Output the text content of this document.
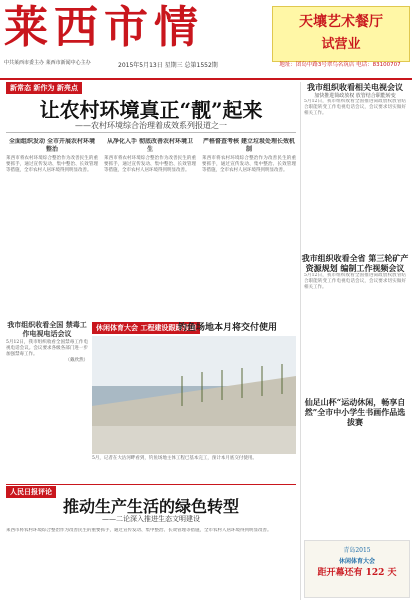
莱西市情	天壤艺术餐厅
试营业
中共莱西市委主办 莱西市新闻中心主办	2015年5月13日 星期三 总第1552期	地址：团岛中路3号翠鸟名筑店 电话：83100707
新常态 新作为 新亮点
让农村环境真正“靓”起来
——农村环境综合治理着成效系列报道之一
全面组织发动 全市开展农村环境整治
莱西市将农村环境综合整治作为改善民生的重要抓手，通过宣传发动、集中整治、长效管理等措施，全市农村人居环境得到明显改善。
从净化入手 彻底改善农村环境卫生
莱西市将农村环境综合整治作为改善民生的重要抓手，通过宣传发动、集中整治、长效管理等措施，全市农村人居环境得到明显改善。
严格督查考核 建立垃圾处理长效机制
莱西市将农村环境综合整治作为改善民生的重要抓手，通过宣传发动、集中整治、长效管理等措施，全市农村人居环境得到明显改善。
我市组织收看全国 禁毒工作电视电话会议
5月12日，我市组织收看全国禁毒工作电视电话会议。会议要求各级各部门进一步加强禁毒工作。
（戴欣然）
休闲体育大会 工程建设跟踪报道
钓鱼场地本月将交付使用
5月，记者在大沽河畔看到，钓鱼场地主体工程已基本完工，预计本月底交付使用。
人民日报评论
推动生产生活的绿色转型
——二论深入推进生态文明建设
莱西市将农村环境综合整治作为改善民生的重要抓手，通过宣传发动、集中整治、长效管理等措施，全市农村人居环境得到明显改善。
我市组织收看相关电视会议
加快推进简政放权 放管结合职能转变
5月12日，我市组织收看全国推进简政放权放管结合职能转变工作电视电话会议，会议要求切实做好相关工作。
我市组织收看全省 第三轮矿产资源规划 编制工作视频会议
5月12日，我市组织收看全国推进简政放权放管结合职能转变工作电视电话会议，会议要求切实做好相关工作。
仙足山杯“运动休闲，畅享自然”全市中小学生书画作品选拔赛
青岛2015
休闲体育大会
距开幕还有 122 天
